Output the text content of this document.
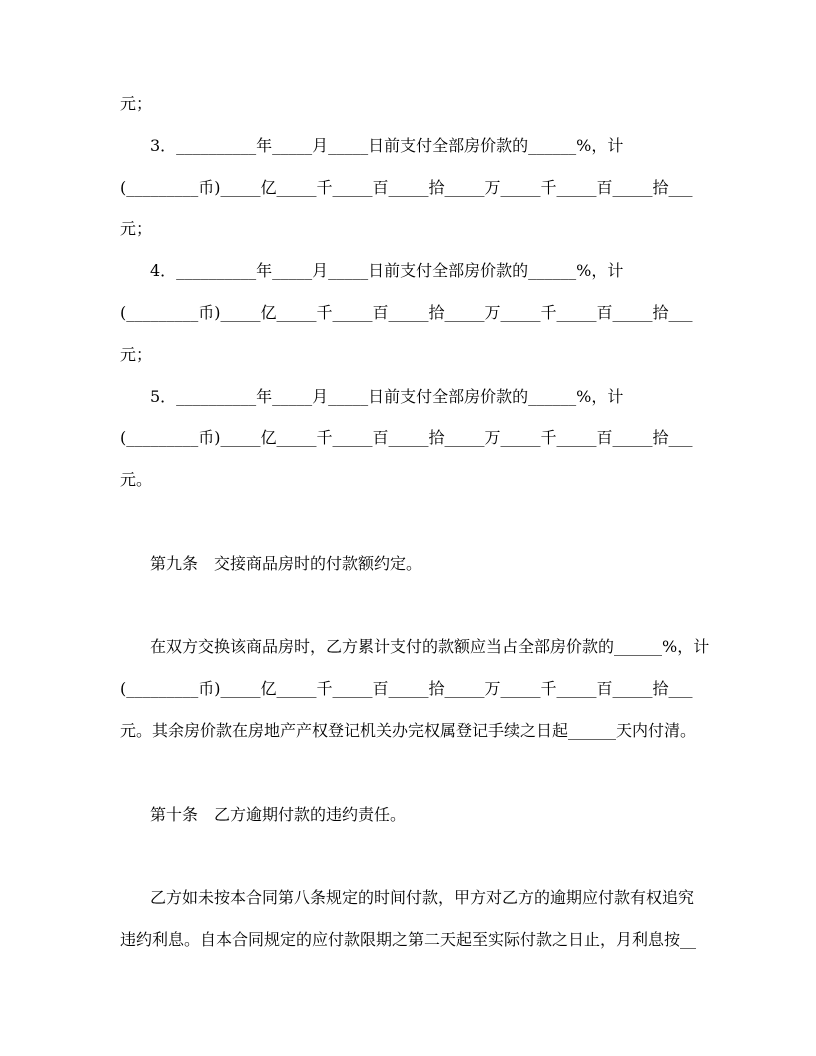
元；
3．__________年_____月_____日前支付全部房价款的______%，计
(_________币)_____亿_____千_____百_____拾_____万_____千_____百_____拾___
元；
4．__________年_____月_____日前支付全部房价款的______%，计
(_________币)_____亿_____千_____百_____拾_____万_____千_____百_____拾___
元；
5．__________年_____月_____日前支付全部房价款的______%，计
(_________币)_____亿_____千_____百_____拾_____万_____千_____百_____拾___
元。
第九条　交接商品房时的付款额约定。
在双方交换该商品房时，乙方累计支付的款额应当占全部房价款的______%，计
(_________币)_____亿_____千_____百_____拾_____万_____千_____百_____拾___
元。其余房价款在房地产产权登记机关办完权属登记手续之日起______天内付清。
第十条　乙方逾期付款的违约责任。
乙方如未按本合同第八条规定的时间付款，甲方对乙方的逾期应付款有权追究
违约利息。自本合同规定的应付款限期之第二天起至实际付款之日止，月利息按__
